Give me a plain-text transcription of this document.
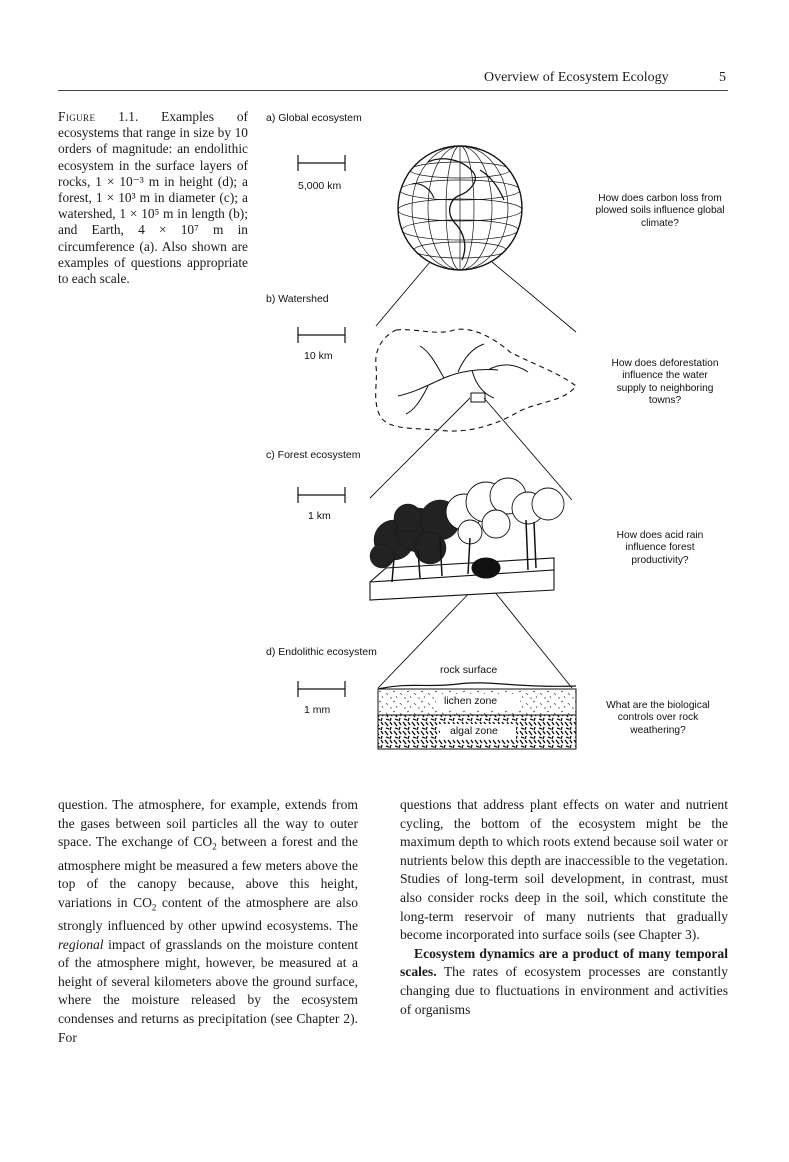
Overview of Ecosystem Ecology	5
Figure 1.1. Examples of ecosystems that range in size by 10 orders of magnitude: an endolithic ecosystem in the surface layers of rocks, 1 × 10⁻³ m in height (d); a forest, 1 × 10³ m in diameter (c); a watershed, 1 × 10⁵ m in length (b); and Earth, 4 × 10⁷ m in circumference (a). Also shown are examples of questions appropriate to each scale.
a) Global ecosystem
5,000 km
How does carbon loss from plowed soils influence global climate?
b) Watershed
10 km
How does deforestation influence the water supply to neighboring towns?
c) Forest ecosystem
1 km
How does acid rain influence forest productivity?
d) Endolithic ecosystem
1 mm	What are the biological controls over rock weathering?
rock surface
lichen zone
algal zone

question. The atmosphere, for example, extends from the gases between soil particles all the way to outer space. The exchange of $CO_2$ between a forest and the atmosphere might be measured a few meters above the top of the canopy because, above this height, variations in $CO_2$ content of the atmosphere are also strongly influenced by other upwind ecosystems. The regional impact of grasslands on the moisture content of the atmosphere might, however, be measured at a height of several kilometers above the ground surface, where the moisture released by the ecosystem condenses and returns as precipitation (see Chapter 2). For

questions that address plant effects on water and nutrient cycling, the bottom of the ecosystem might be the maximum depth to which roots extend because soil water or nutrients below this depth are inaccessible to the vegetation. Studies of long-term soil development, in contrast, must also consider rocks deep in the soil, which constitute the long-term reservoir of many nutrients that gradually become incorporated into surface soils (see Chapter 3).

Ecosystem dynamics are a product of many temporal scales. The rates of ecosystem processes are constantly changing due to fluctuations in environment and activities of organisms
